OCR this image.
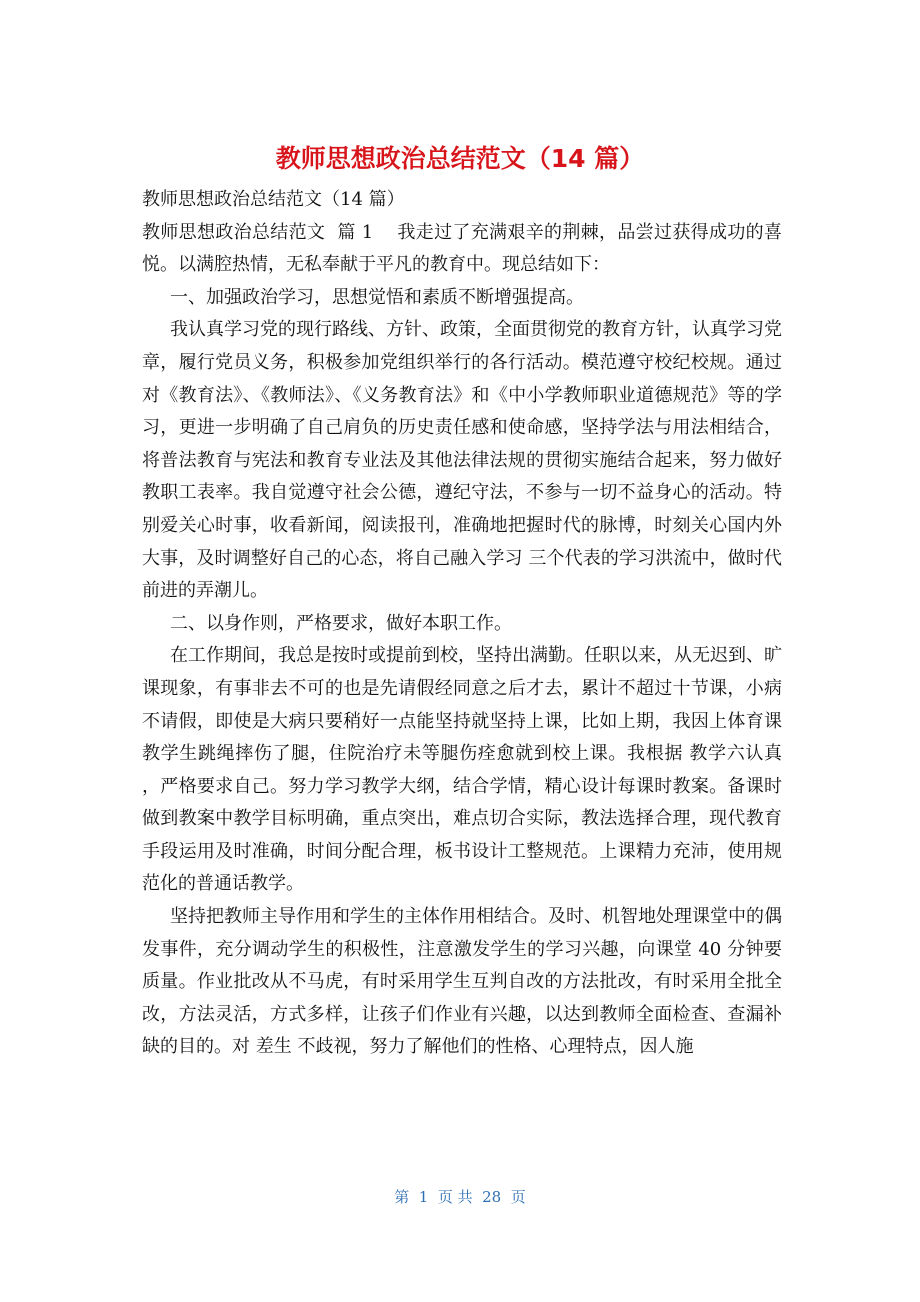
教师思想政治总结范文（14 篇）

教师思想政治总结范文（14 篇）

教师思想政治总结范文  篇 1    我走过了充满艰辛的荆棘，品尝过获得成功的喜悦。以满腔热情，无私奉献于平凡的教育中。现总结如下：

一、加强政治学习，思想觉悟和素质不断增强提高。

我认真学习党的现行路线、方针、政策，全面贯彻党的教育方针，认真学习党章，履行党员义务，积极参加党组织举行的各行活动。模范遵守校纪校规。通过对《教育法》、《教师法》、《义务教育法》和《中小学教师职业道德规范》等的学习，更进一步明确了自己肩负的历史责任感和使命感，坚持学法与用法相结合，将普法教育与宪法和教育专业法及其他法律法规的贯彻实施结合起来，努力做好教职工表率。我自觉遵守社会公德，遵纪守法，不参与一切不益身心的活动。特别爱关心时事，收看新闻，阅读报刊，准确地把握时代的脉博，时刻关心国内外大事，及时调整好自己的心态，将自己融入学习 三个代表的学习洪流中，做时代前进的弄潮儿。

二、以身作则，严格要求，做好本职工作。

在工作期间，我总是按时或提前到校，坚持出满勤。任职以来，从无迟到、旷课现象，有事非去不可的也是先请假经同意之后才去，累计不超过十节课，小病不请假，即使是大病只要稍好一点能坚持就坚持上课，比如上期，我因上体育课教学生跳绳摔伤了腿，住院治疗未等腿伤痊愈就到校上课。我根据 教学六认真 ，严格要求自己。努力学习教学大纲，结合学情，精心设计每课时教案。备课时做到教案中教学目标明确，重点突出，难点切合实际，教法选择合理，现代教育手段运用及时准确，时间分配合理，板书设计工整规范。上课精力充沛，使用规范化的普通话教学。

坚持把教师主导作用和学生的主体作用相结合。及时、机智地处理课堂中的偶发事件，充分调动学生的积极性，注意激发学生的学习兴趣，向课堂 40 分钟要质量。作业批改从不马虎，有时采用学生互判自改的方法批改，有时采用全批全改，方法灵活，方式多样，让孩子们作业有兴趣，以达到教师全面检查、查漏补缺的目的。对 差生 不歧视，努力了解他们的性格、心理特点，因人施

第  1  页 共  28  页
